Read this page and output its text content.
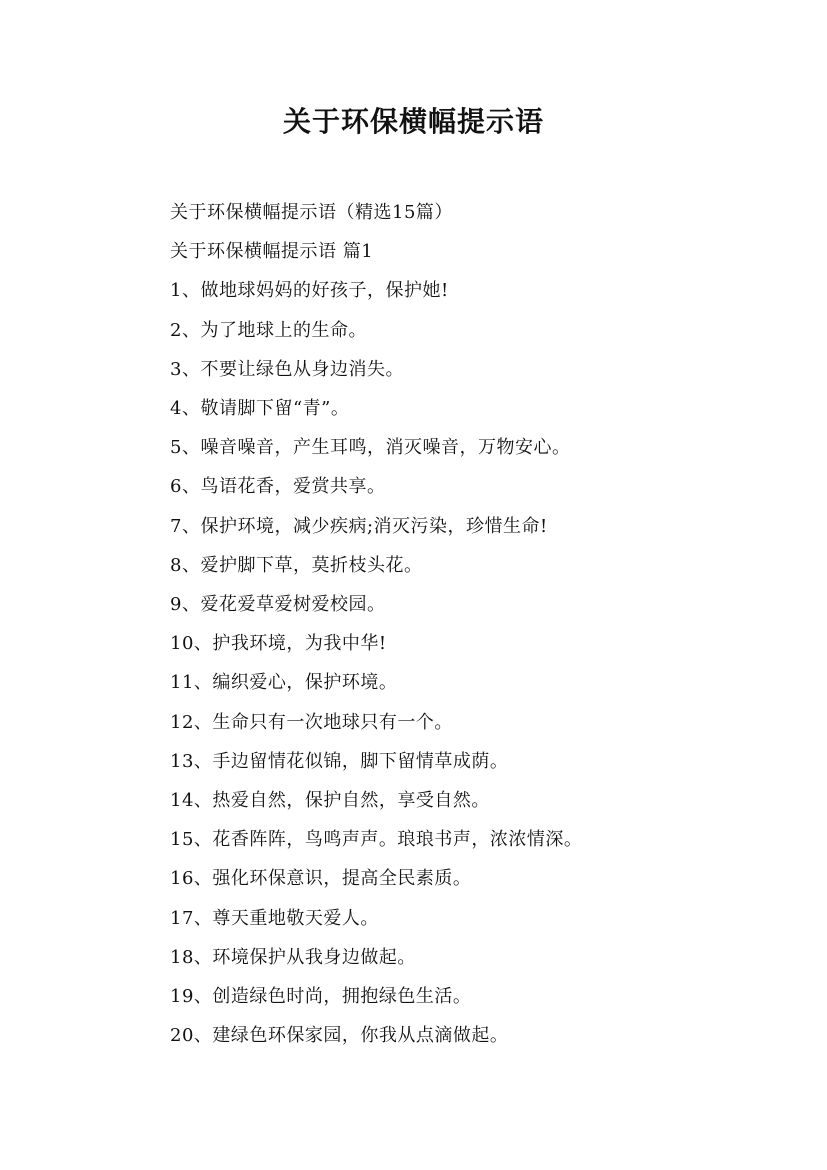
关于环保横幅提示语
关于环保横幅提示语（精选15篇）
关于环保横幅提示语 篇1
1、做地球妈妈的好孩子，保护她!
2、为了地球上的生命。
3、不要让绿色从身边消失。
4、敬请脚下留“青”。
5、噪音噪音，产生耳鸣，消灭噪音，万物安心。
6、鸟语花香，爱赏共享。
7、保护环境，减少疾病;消灭污染，珍惜生命!
8、爱护脚下草，莫折枝头花。
9、爱花爱草爱树爱校园。
10、护我环境，为我中华!
11、编织爱心，保护环境。
12、生命只有一次地球只有一个。
13、手边留情花似锦，脚下留情草成荫。
14、热爱自然，保护自然，享受自然。
15、花香阵阵，鸟鸣声声。琅琅书声，浓浓情深。
16、强化环保意识，提高全民素质。
17、尊天重地敬天爱人。
18、环境保护从我身边做起。
19、创造绿色时尚，拥抱绿色生活。
20、建绿色环保家园，你我从点滴做起。
